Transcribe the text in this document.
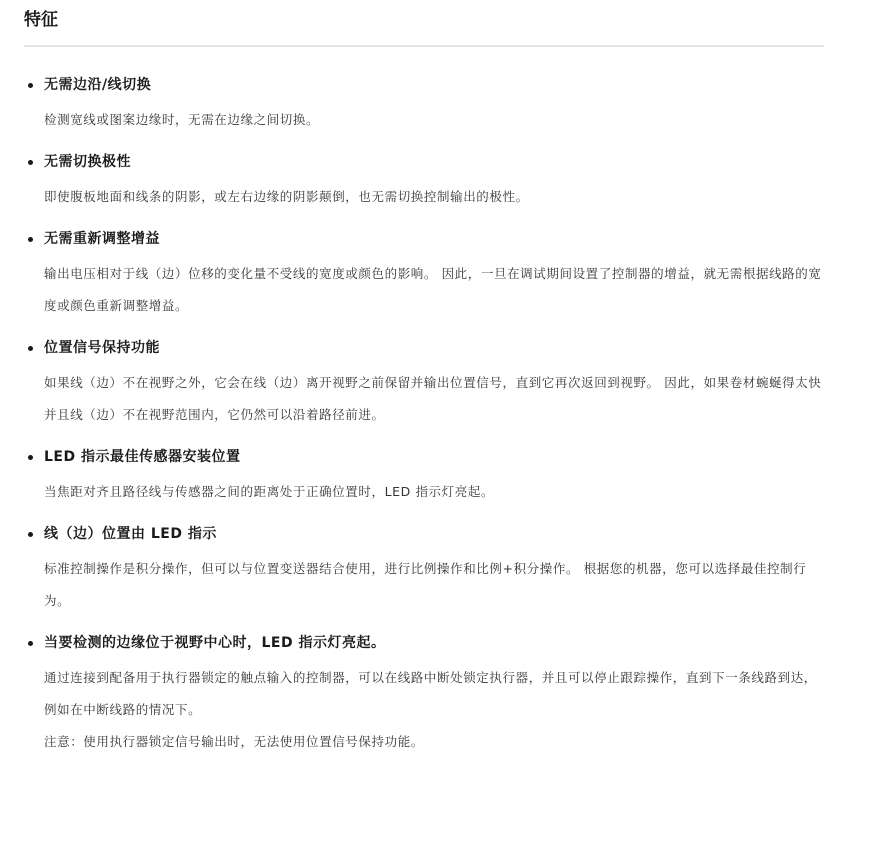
特征
无需边沿/线切换

检测宽线或图案边缘时，无需在边缘之间切换。

无需切换极性

即使腹板地面和线条的阴影，或左右边缘的阴影颠倒，也无需切换控制输出的极性。

无需重新调整增益

输出电压相对于线（边）位移的变化量不受线的宽度或颜色的影响。 因此，一旦在调试期间设置了控制器的增益，就无需根据线路的宽度或颜色重新调整增益。

位置信号保持功能

如果线（边）不在视野之外，它会在线（边）离开视野之前保留并输出位置信号，直到它再次返回到视野。 因此，如果卷材蜿蜒得太快并且线（边）不在视野范围内，它仍然可以沿着路径前进。

LED 指示最佳传感器安装位置

当焦距对齐且路径线与传感器之间的距离处于正确位置时，LED 指示灯亮起。

线（边）位置由 LED 指示

标准控制操作是积分操作，但可以与位置变送器结合使用，进行比例操作和比例+积分操作。 根据您的机器，您可以选择最佳控制行为。

当要检测的边缘位于视野中心时，LED 指示灯亮起。

通过连接到配备用于执行器锁定的触点输入的控制器，可以在线路中断处锁定执行器，并且可以停止跟踪操作，直到下一条线路到达，例如在中断线路的情况下。

注意：使用执行器锁定信号输出时，无法使用位置信号保持功能。
